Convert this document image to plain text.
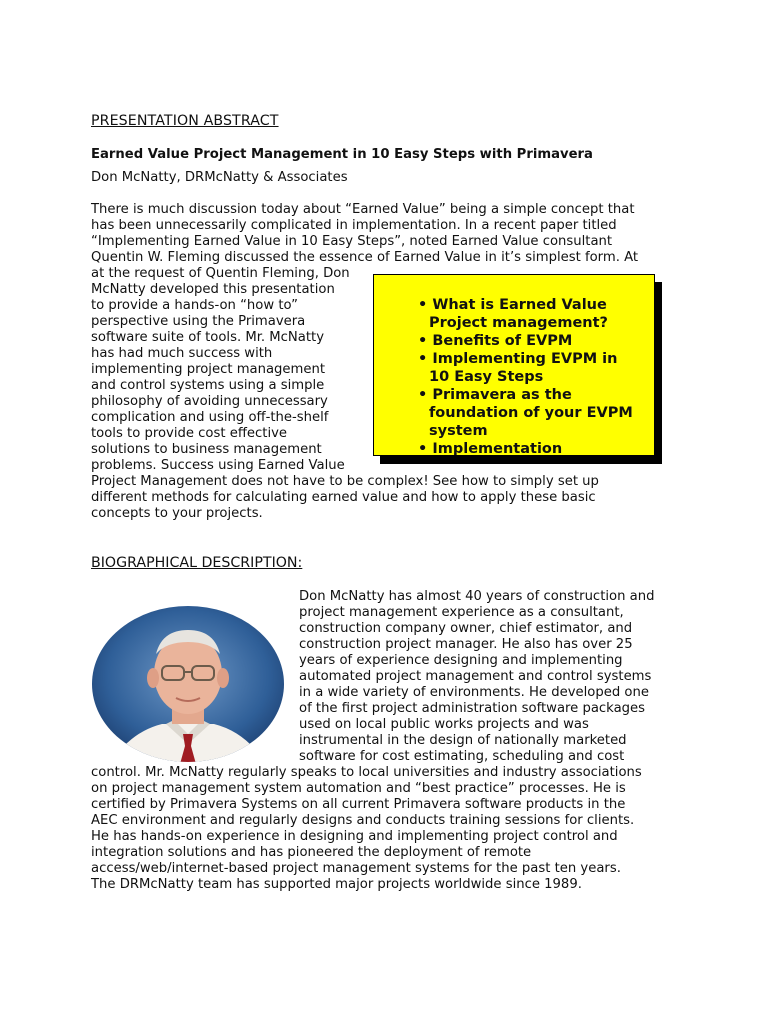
PRESENTATION ABSTRACT
Earned Value Project Management in 10 Easy Steps with Primavera
Don McNatty, DRMcNatty & Associates
There is much discussion today about “Earned Value” being a simple concept that
has been unnecessarily complicated in implementation. In a recent paper titled
“Implementing Earned Value in 10 Easy Steps”, noted Earned Value consultant
Quentin W. Fleming discussed the essence of Earned Value in it’s simplest form. At
at the request of Quentin Fleming, Don
McNatty developed this presentation
to provide a hands-on “how to”
perspective using the Primavera
software suite of tools. Mr. McNatty
has had much success with
implementing project management
and control systems using a simple
philosophy of avoiding unnecessary
complication and using off-the-shelf
tools to provide cost effective
solutions to business management
problems. Success using Earned Value
Project Management does not have to be complex! See how to simply set up
different methods for calculating earned value and how to apply these basic
concepts to your projects.
• What is Earned Value Project management?
• Benefits of EVPM
• Implementing EVPM in 10 Easy Steps
• Primavera as the foundation of your EVPM system
• Implementation
BIOGRAPHICAL DESCRIPTION:
Don McNatty has almost 40 years of construction and
project management experience as a consultant,
construction company owner, chief estimator, and
construction project manager. He also has over 25
years of experience designing and implementing
automated project management and control systems
in a wide variety of environments. He developed one
of the first project administration software packages
used on local public works projects and was
instrumental in the design of nationally marketed
software for cost estimating, scheduling and cost
control. Mr. McNatty regularly speaks to local universities and industry associations
on project management system automation and “best practice” processes. He is
certified by Primavera Systems on all current Primavera software products in the
AEC environment and regularly designs and conducts training sessions for clients.
He has hands-on experience in designing and implementing project control and
integration solutions and has pioneered the deployment of remote
access/web/internet-based project management systems for the past ten years.
The DRMcNatty team has supported major projects worldwide since 1989.
